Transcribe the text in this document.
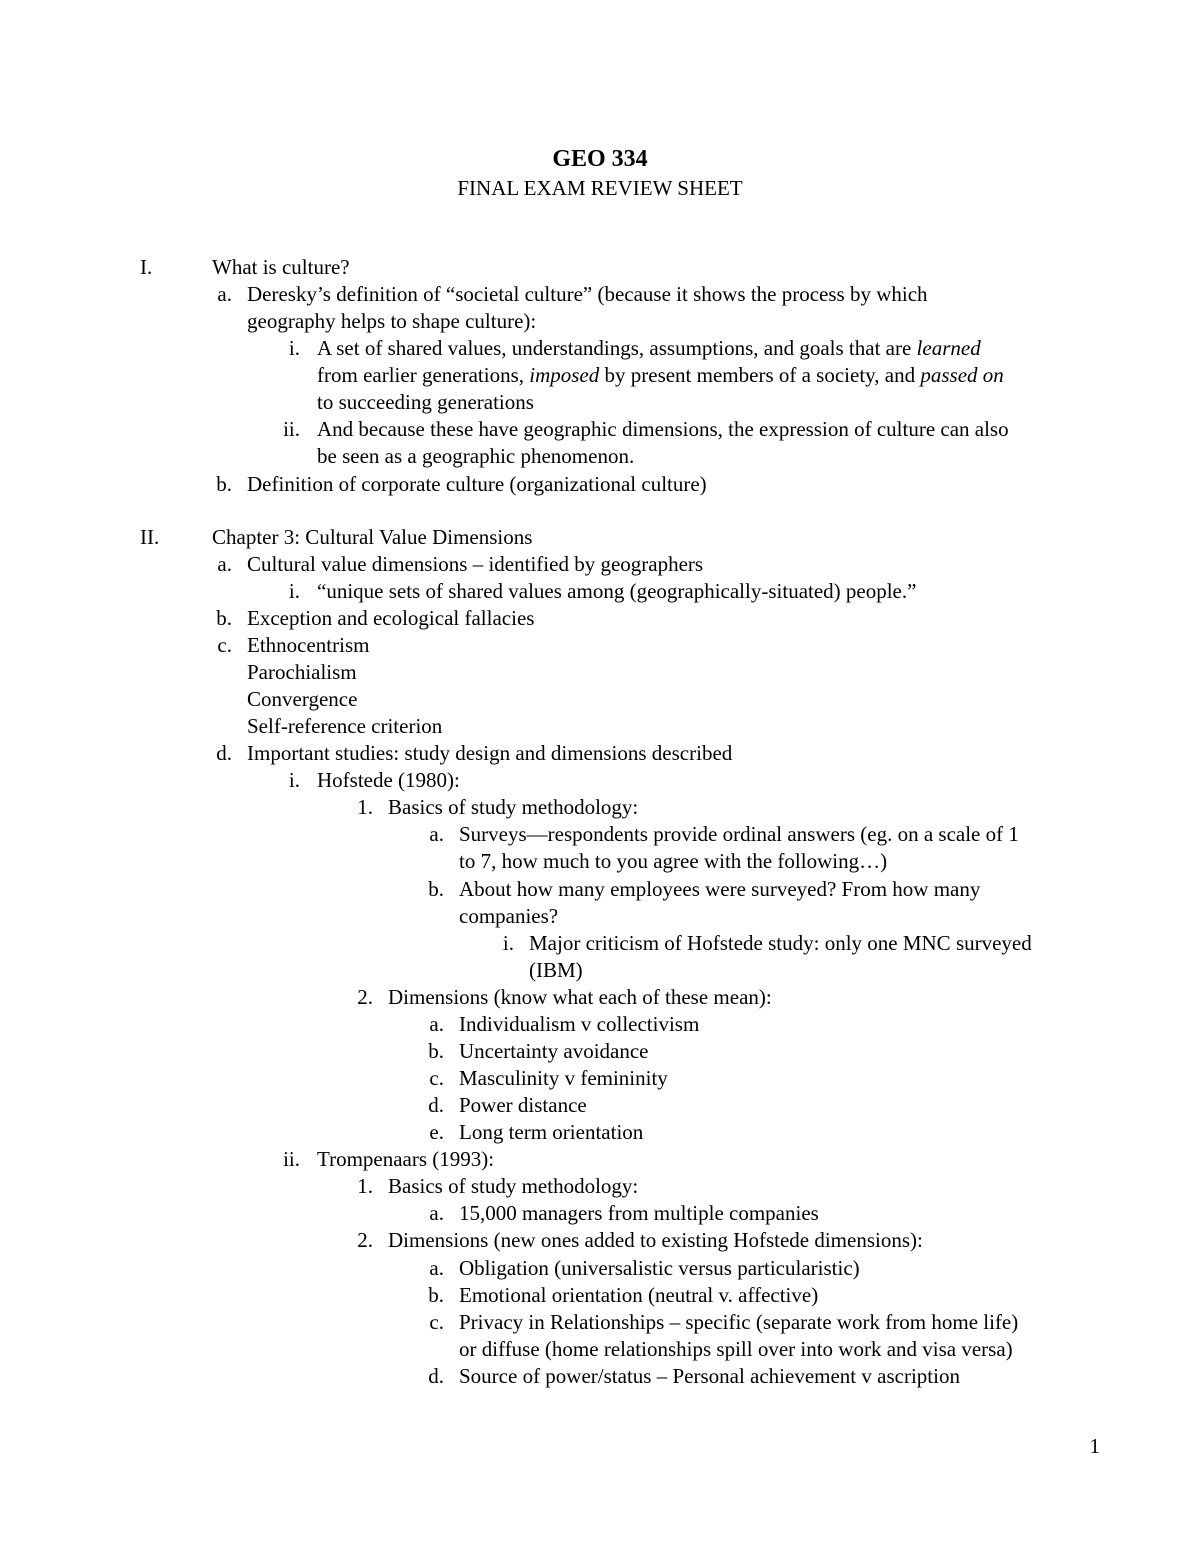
GEO 334
FINAL EXAM REVIEW SHEET
I.	What is culture?
a. Deresky’s definition of “societal culture” (because it shows the process by which
geography helps to shape culture):
i. A set of shared values, understandings, assumptions, and goals that are learned
from earlier generations, imposed by present members of a society, and passed on
to succeeding generations
ii. And because these have geographic dimensions, the expression of culture can also
be seen as a geographic phenomenon.
b. Definition of corporate culture (organizational culture)
II.	Chapter 3: Cultural Value Dimensions
a. Cultural value dimensions – identified by geographers
i. “unique sets of shared values among (geographically-situated) people.”
b. Exception and ecological fallacies
c. Ethnocentrism
Parochialism
Convergence
Self-reference criterion
d. Important studies: study design and dimensions described
i. Hofstede (1980):
1. Basics of study methodology:
a. Surveys—respondents provide ordinal answers (eg. on a scale of 1
to 7, how much to you agree with the following…)
b. About how many employees were surveyed? From how many
companies?
i. Major criticism of Hofstede study: only one MNC surveyed
(IBM)
2. Dimensions (know what each of these mean):
a. Individualism v collectivism
b. Uncertainty avoidance
c. Masculinity v femininity
d. Power distance
e. Long term orientation
ii. Trompenaars (1993):
1. Basics of study methodology:
a. 15,000 managers from multiple companies
2. Dimensions (new ones added to existing Hofstede dimensions):
a. Obligation (universalistic versus particularistic)
b. Emotional orientation (neutral v. affective)
c. Privacy in Relationships – specific (separate work from home life)
or diffuse (home relationships spill over into work and visa versa)
d. Source of power/status – Personal achievement v ascription
1
